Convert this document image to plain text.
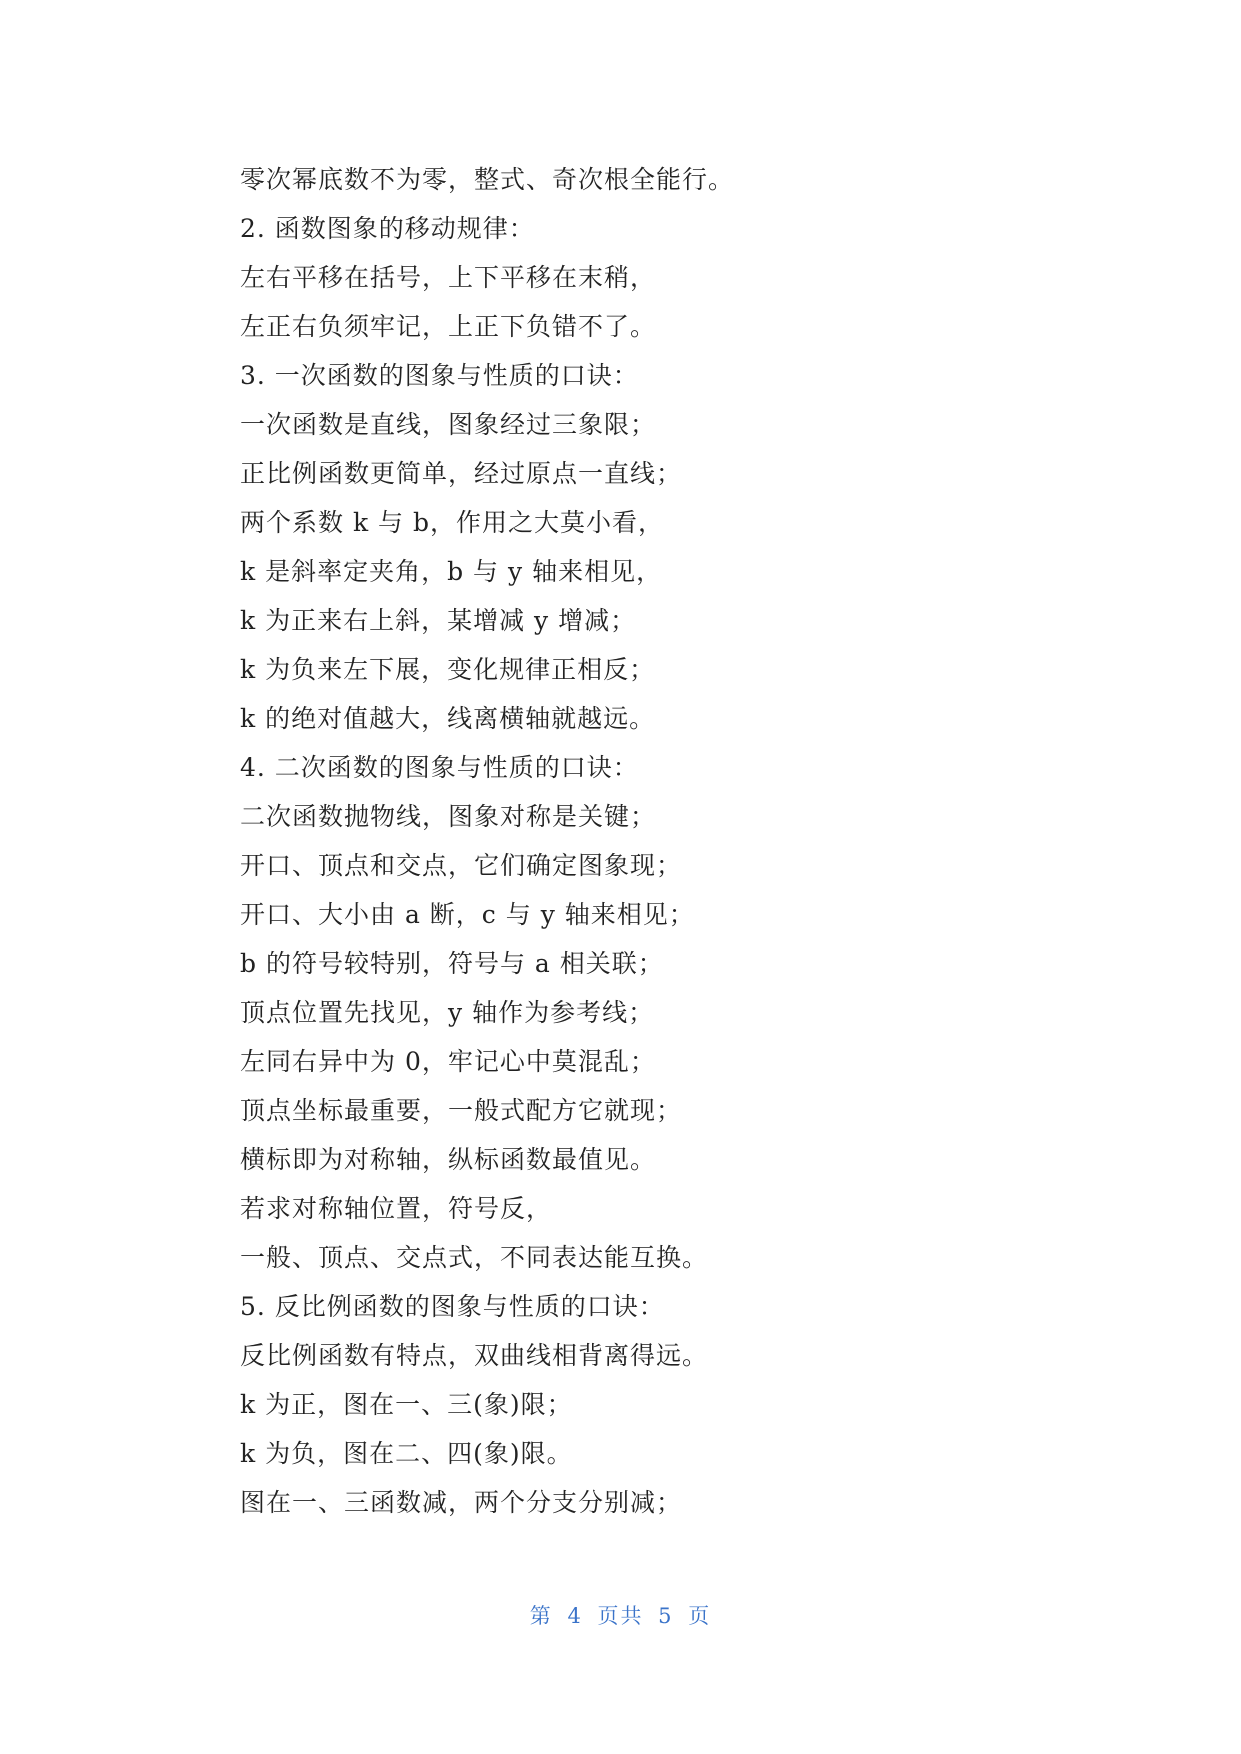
零次幂底数不为零，整式、奇次根全能行。
2. 函数图象的移动规律：
左右平移在括号，上下平移在末稍，
左正右负须牢记，上正下负错不了。
3. 一次函数的图象与性质的口诀：
一次函数是直线，图象经过三象限；
正比例函数更简单，经过原点一直线；
两个系数 k 与 b，作用之大莫小看，
k 是斜率定夹角，b 与 y 轴来相见，
k 为正来右上斜，某增减 y 增减；
k 为负来左下展，变化规律正相反；
k 的绝对值越大，线离横轴就越远。
4. 二次函数的图象与性质的口诀：
二次函数抛物线，图象对称是关键；
开口、顶点和交点，它们确定图象现；
开口、大小由 a 断，c 与 y 轴来相见；
b 的符号较特别，符号与 a 相关联；
顶点位置先找见，y 轴作为参考线；
左同右异中为 0，牢记心中莫混乱；
顶点坐标最重要，一般式配方它就现；
横标即为对称轴，纵标函数最值见。
若求对称轴位置，符号反，
一般、顶点、交点式，不同表达能互换。
5. 反比例函数的图象与性质的口诀：
反比例函数有特点，双曲线相背离得远。
k 为正，图在一、三(象)限；
k 为负，图在二、四(象)限。
图在一、三函数减，两个分支分别减；
第 4 页共 5 页
